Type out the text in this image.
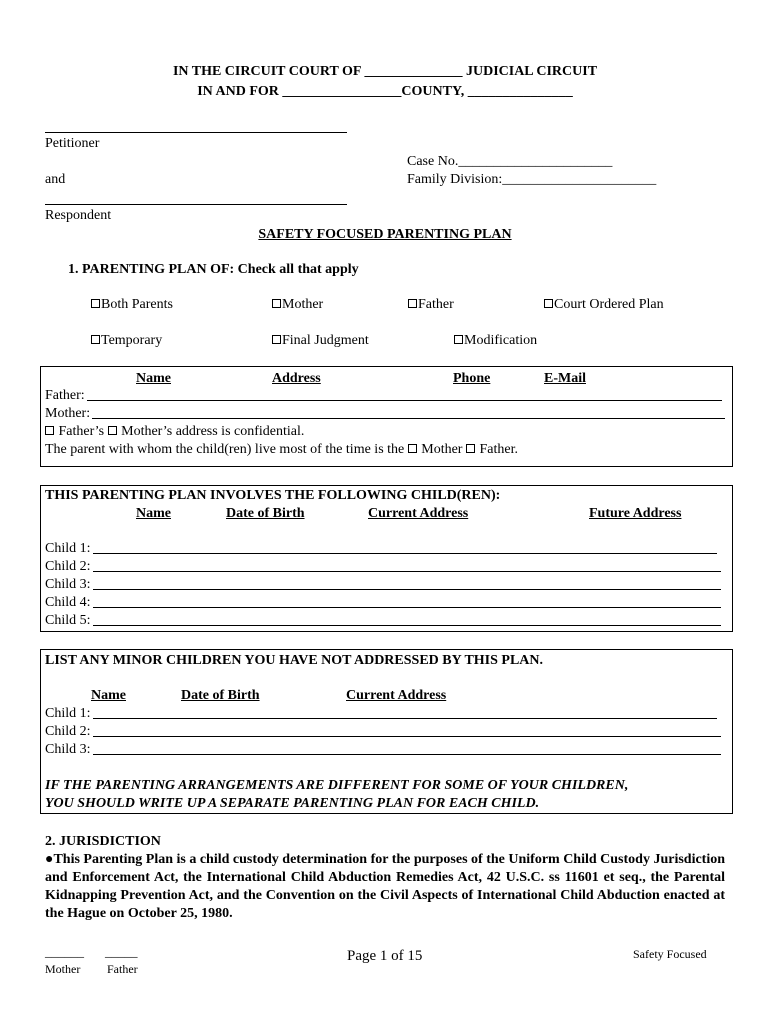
IN THE CIRCUIT COURT OF ______________ JUDICIAL CIRCUIT
IN AND FOR _________________COUNTY, _______________
Petitioner
Case No.______________________
and	Family Division:______________________
Respondent
SAFETY FOCUSED PARENTING PLAN
1. PARENTING PLAN OF: Check all that apply
Both Parents	Mother	Father	Court Ordered Plan
Temporary	Final Judgment	Modification
Name	Address	Phone	E-Mail
Father:
Mother:
Father’s Mother’s address is confidential.
The parent with whom the child(ren) live most of the time is the Mother Father.
THIS PARENTING PLAN INVOLVES THE FOLLOWING CHILD(REN):
Name	Date of Birth	Current Address	Future Address
Child 1:
Child 2:
Child 3:
Child 4:
Child 5:
LIST ANY MINOR CHILDREN YOU HAVE NOT ADDRESSED BY THIS PLAN.
Name	Date of Birth	Current Address
Child 1:
Child 2:
Child 3:
IF THE PARENTING ARRANGEMENTS ARE DIFFERENT FOR SOME OF YOUR CHILDREN,
YOU SHOULD WRITE UP A SEPARATE PARENTING PLAN FOR EACH CHILD.
2. JURISDICTION
●This Parenting Plan is a child custody determination for the purposes of the Uniform Child Custody Jurisdiction and Enforcement Act, the International Child Abduction Remedies Act, 42 U.S.C. ss 11601 et seq., the Parental Kidnapping Prevention Act, and the Convention on the Civil Aspects of International Child Abduction enacted at the Hague on October 25, 1980.
______ _____
Mother Father
Page 1 of 15	Safety Focused
